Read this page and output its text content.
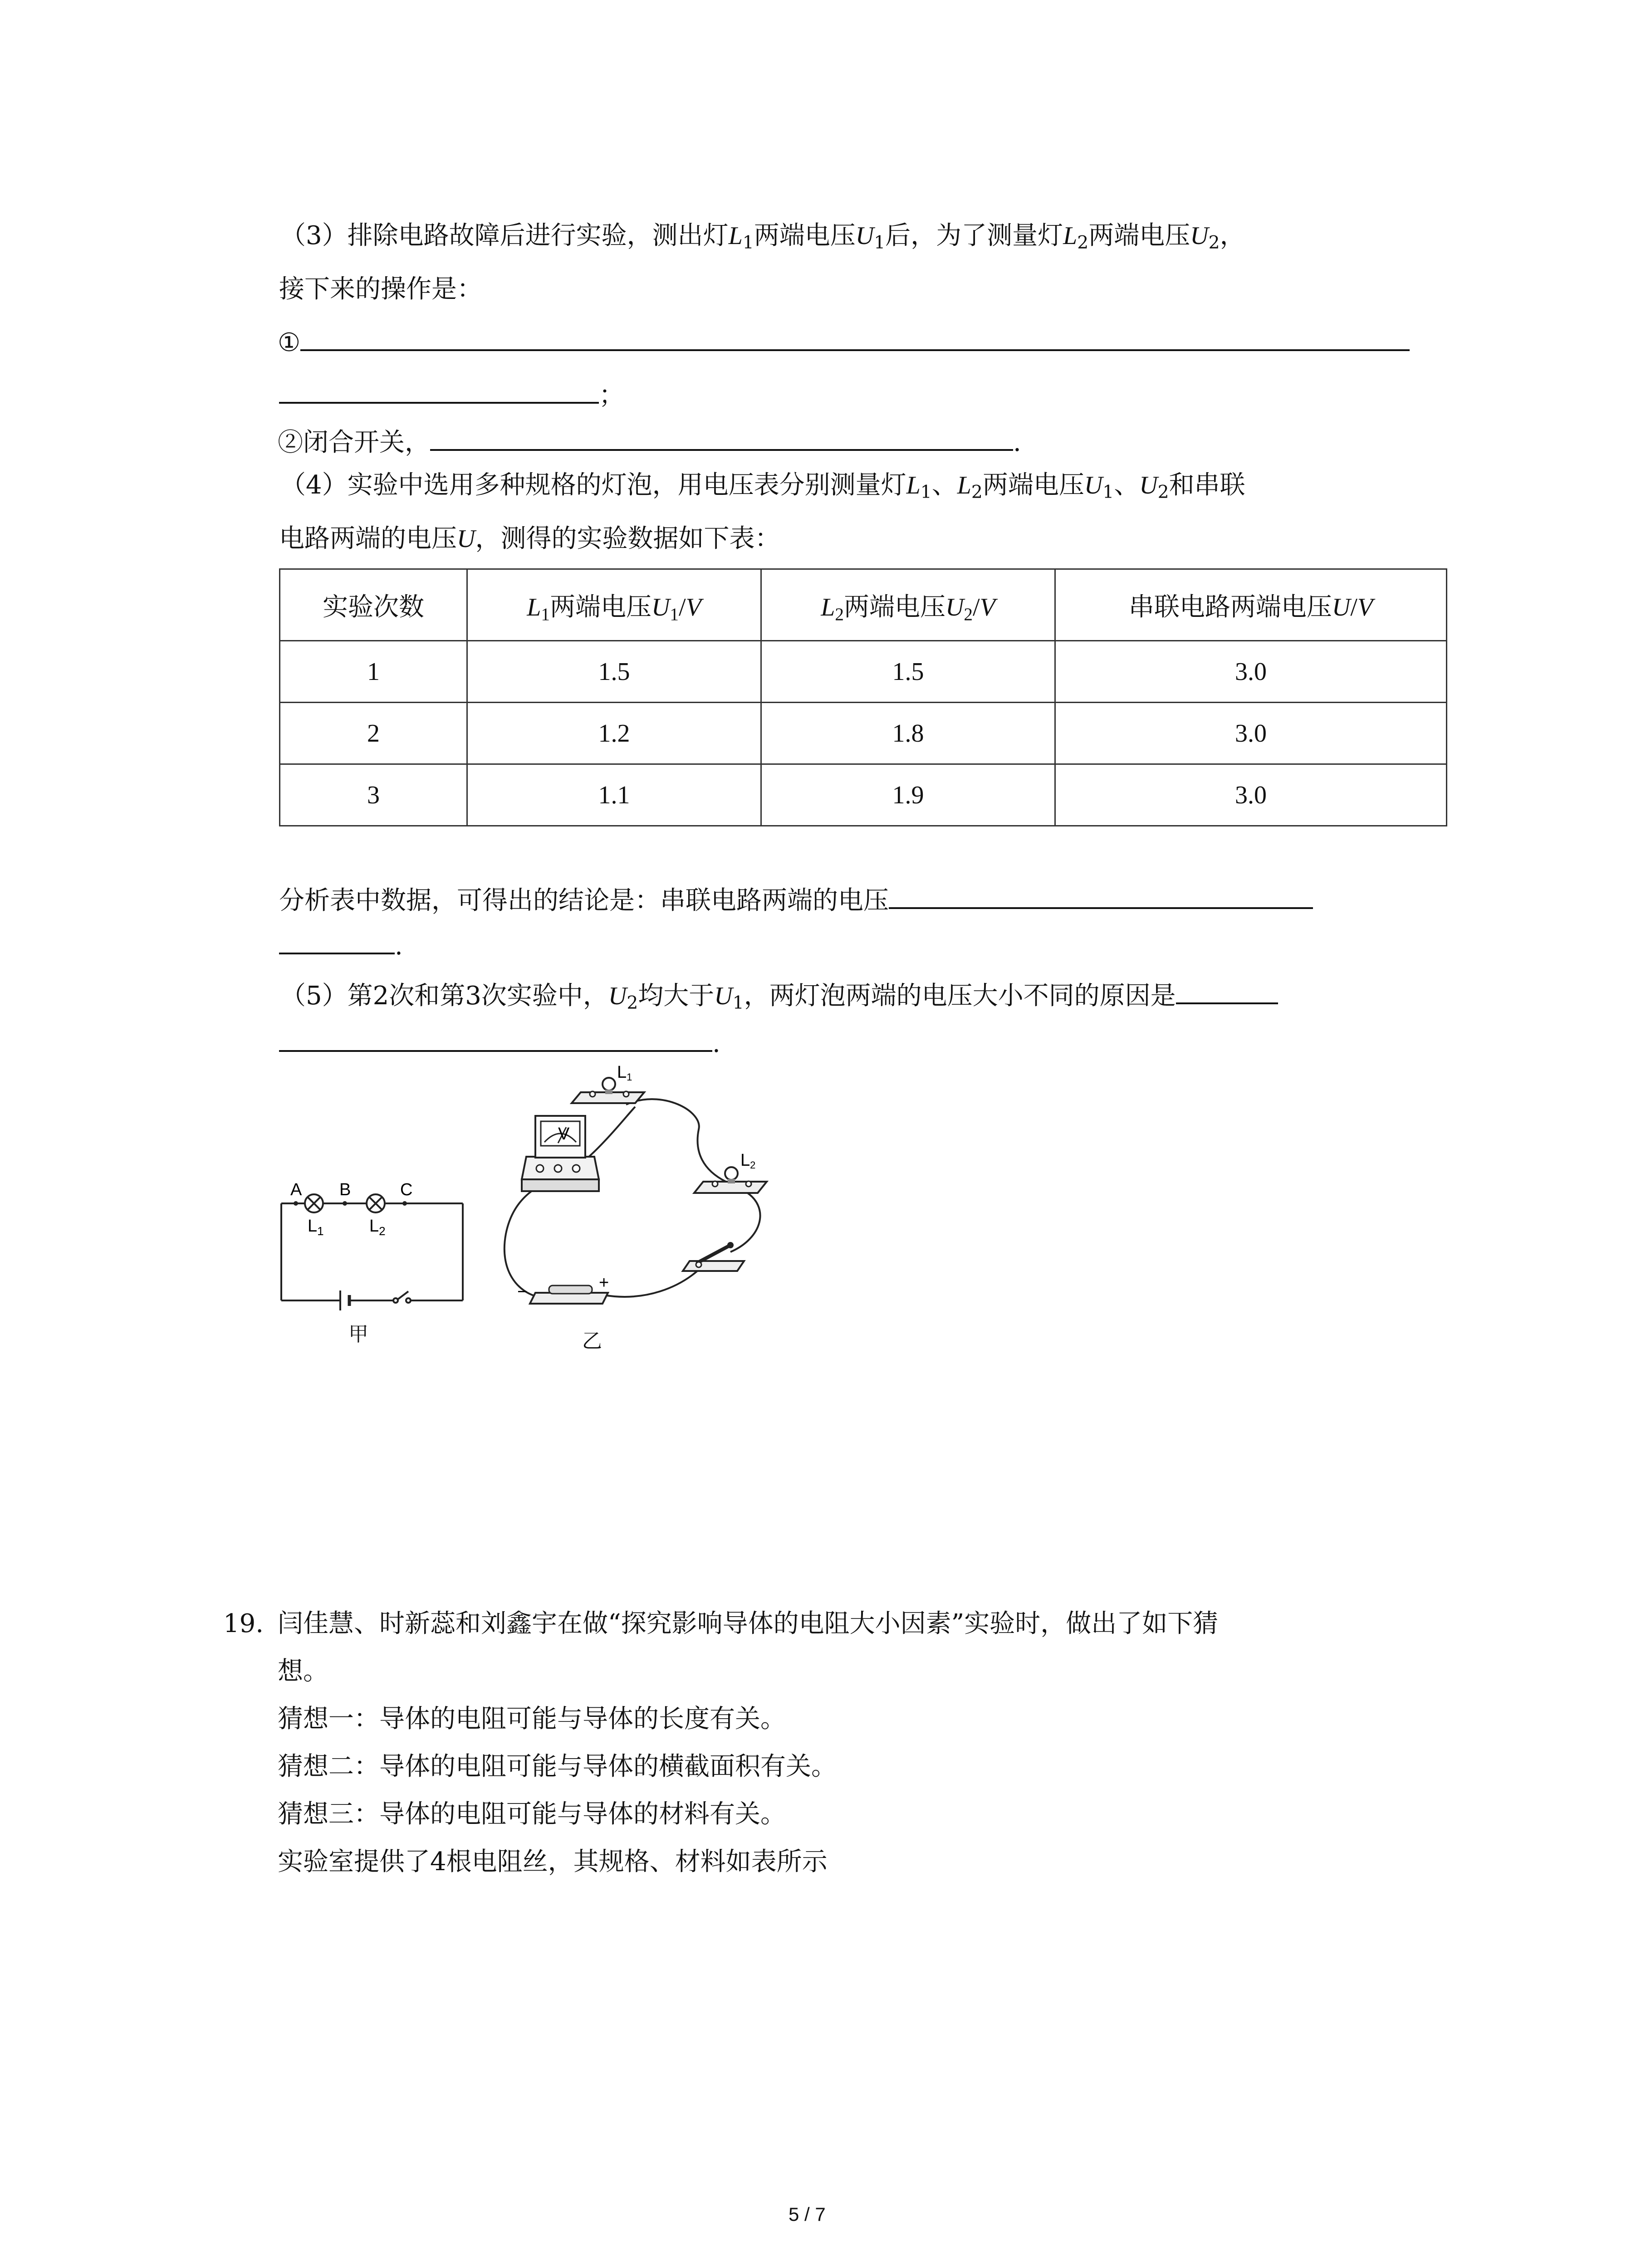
（3）排除电路故障后进行实验，测出灯$L_1$两端电压$U_1$后，为了测量灯$L_2$两端电压$U_2$，
接下来的操作是：
①
；
②闭合开关，	.
（4）实验中选用多种规格的灯泡，用电压表分别测量灯$L_1$、$L_2$两端电压$U_1$、$U_2$和串联
电路两端的电压U，测得的实验数据如下表：
实验次数	$L_1$两端电压$U_1/V$	$L_2$两端电压$U_2/V$	串联电路两端电压U/V
1	1.5	1.5	3.0
2	1.2	1.8	3.0
3	1.1	1.9	3.0
分析表中数据，可得出的结论是：串联电路两端的电压
.
（5）第2次和第3次实验中，$U_2$均大于$U_1$，两灯泡两端的电压大小不同的原因是
.
A B	C
$L_1$	$L_2$
甲
V
L1
L2
−	+
乙
19. 闫佳慧、时新蕊和刘鑫宇在做“探究影响导体的电阻大小因素”实验时，做出了如下猜
想。
猜想一：导体的电阻可能与导体的长度有关。
猜想二：导体的电阻可能与导体的横截面积有关。
猜想三：导体的电阻可能与导体的材料有关。
实验室提供了4根电阻丝，其规格、材料如表所示
5 / 7
